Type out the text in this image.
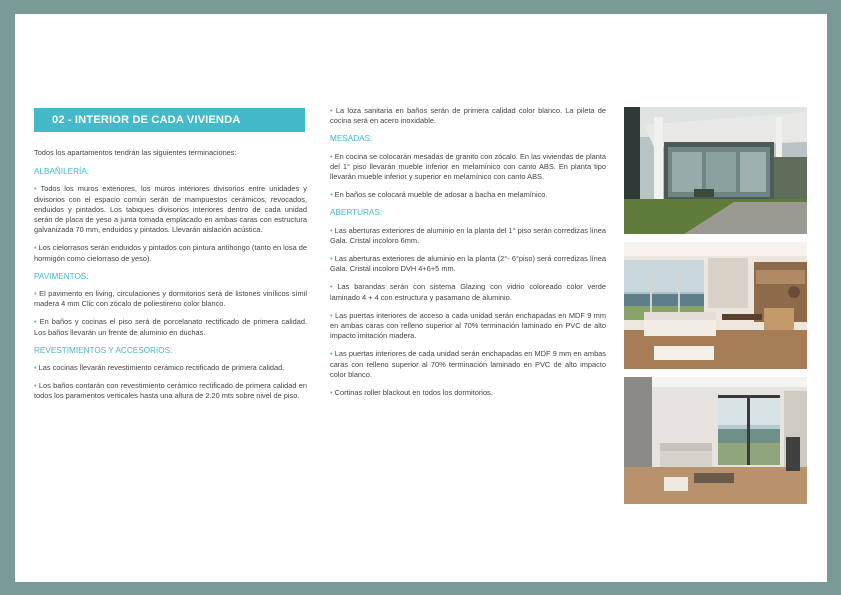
02 - INTERIOR DE CADA VIVIENDA

Todos los apartamentos tendrán las siguientes terminaciones:

ALBAÑILERÍA:

• Todos los muros exteriores, los muros interiores divisorios entre unidades y divisorios con el espacio común serán de mampuestos cerámicos, revocados, enduidos y pintados. Los tabiques divisorios interiores dentro de cada unidad serán de placa de yeso a junta tomada emplacado en ambas caras con estructura galvanizada 70 mm, enduidos y pintados. Llevarán aislación acústica.

• Los cielorrasos serán enduidos y pintados con pintura antihongo (tanto en losa de hormigón como cielorraso de yeso).

PAVIMENTOS:

• El pavimento en living, circulaciones y dormitorios será de listones vinílicos símil madera 4 mm Clic con zócalo de poliestireno color blanco.

• En baños y cocinas el piso será de porcelanato rectificado de primera calidad. Los baños llevarán un frente de aluminio en duchas.

REVESTIMIENTOS Y ACCESORIOS:

• Las cocinas llevarán revestimiento cerámico rectificado de primera calidad.

• Los baños contarán con revestimiento cerámico rectificado de primera calidad en todos los paramentos verticales hasta una altura de 2.20 mts sobre nivel de piso.

• La loza sanitaria en baños serán de primera calidad color blanco. La pileta de cocina será en acero inoxidable.

MESADAS:

• En cocina se colocarán mesadas de granito con zócalo. En las viviendas de planta del 1° piso llevarán mueble inferior en melamínico con canto ABS. En planta tipo llevarán mueble inferior y superior en melamínico con canto ABS.

• En baños se colocará mueble de adosar a bacha en melamínico.

ABERTURAS:

• Las aberturas exteriores de aluminio en la planta del 1° piso serán corredizas línea Gala. Cristal incoloro 6mm.

• Las aberturas exteriores de aluminio en la planta (2°- 6°piso) será corredizas línea Gala. Cristal incoloro DVH 4+6+5 mm.

• Las barandas serán con sistema Glazing con vidrio coloreado color verde laminado 4 + 4 con estructura y pasamano de aluminio.

• Las puertas interiores de acceso a cada unidad serán enchapadas en MDF 9 mm en ambas caras con relleno superior al 70% terminación laminado en PVC de alto impacto imitación madera.

• Las puertas interiores de cada unidad serán enchapadas en MDF 9 mm en ambas caras con relleno superior al 70% terminación laminado en PVC de alto impacto color blanco.

• Cortinas roller blackout en todos los dormitorios.
